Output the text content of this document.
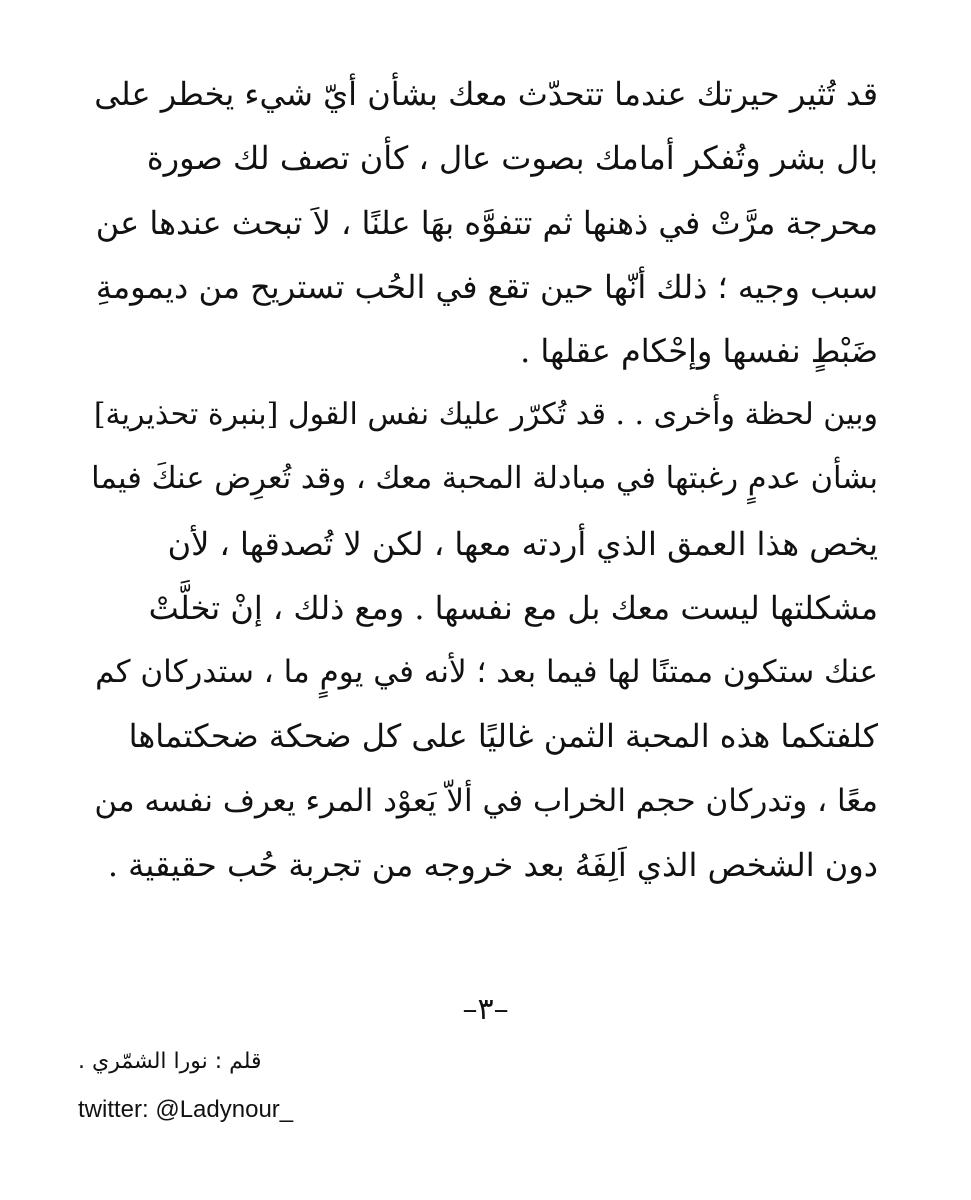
قد تُثير حيرتك عندما تتحدّث معك بشأن أيّ شيء يخطر على
بال بشر وتُفكر أمامك بصوت عال ، كأن تصف لك صورة
محرجة مرَّتْ في ذهنها ثم تتفوَّه بهَا علنًا ، لاَ تبحث عندها عن
سبب وجيه ؛ ذلك أنّها حين تقع في الحُب تستريح من ديمومةِ
ضَبْطٍ نفسها وإحْكام عقلها .
وبين لحظة وأخرى . . قد تُكرّر عليك نفس القول [بنبرة تحذيرية]
بشأن عدمٍ رغبتها في مبادلة المحبة معك ، وقد تُعرِض عنكَ فيما
يخص هذا العمق الذي أردته معها ، لكن لا تُصدقها ، لأن
مشكلتها ليست معك بل مع نفسها . ومع ذلك ، إنْ تخلَّتْ
عنك ستكون ممتنًا لها فيما بعد ؛ لأنه في يومٍ ما ، ستدركان كم
كلفتكما هذه المحبة الثمن غاليًا على كل ضحكة ضحكتماها
معًا ، وتدركان حجم الخراب في ألاّ يَعوْد المرء يعرف نفسه من
دون الشخص الذي اَلِفَهُ بعد خروجه من تجربة حُب حقيقية .
–٣–
قلم : نورا الشمّري .
twitter: @Ladynour_
